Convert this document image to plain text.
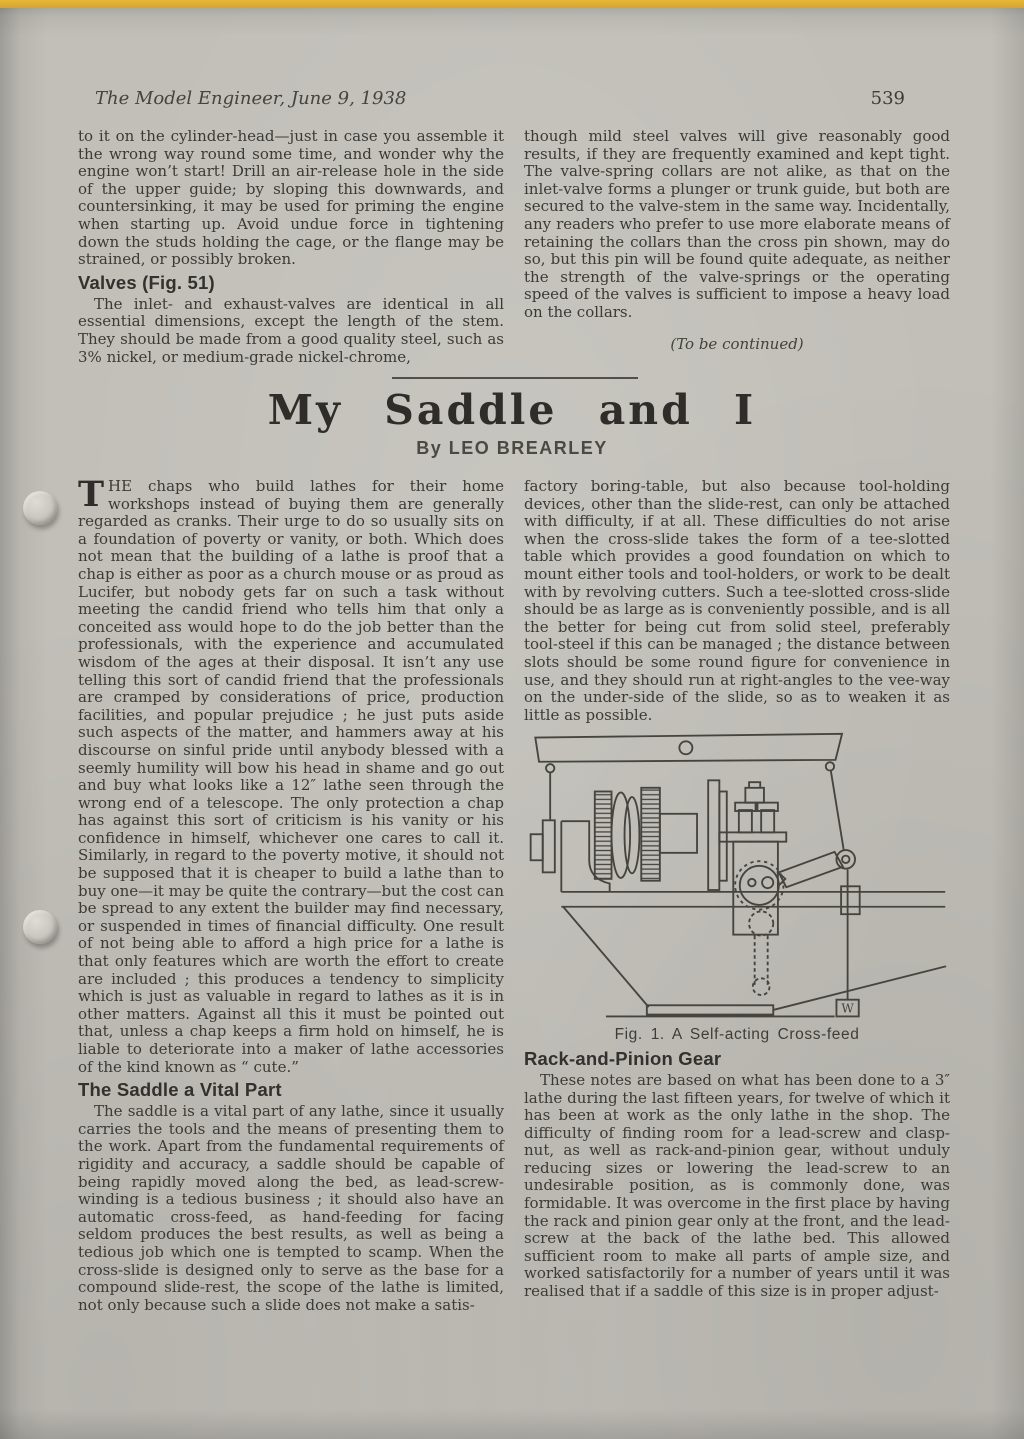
The Model Engineer, June 9, 1938	539

to it on the cylinder-head—just in case you assemble it the wrong way round some time, and wonder why the engine won’t start! Drill an air-release hole in the side of the upper guide; by sloping this downwards, and countersinking, it may be used for priming the engine when starting up. Avoid undue force in tightening down the studs holding the cage, or the flange may be strained, or possibly broken.

Valves (Fig. 51)

The inlet- and exhaust-valves are identical in all essential dimensions, except the length of the stem. They should be made from a good quality steel, such as 3% nickel, or medium-grade nickel-chrome,

though mild steel valves will give reasonably good results, if they are frequently examined and kept tight. The valve-spring collars are not alike, as that on the inlet-valve forms a plunger or trunk guide, but both are secured to the valve-stem in the same way. Incidentally, any readers who prefer to use more elaborate means of retaining the collars than the cross pin shown, may do so, but this pin will be found quite adequate, as neither the strength of the valve-springs or the operating speed of the valves is sufficient to impose a heavy load on the collars.

(To be continued)

My Saddle and I
By LEO BREARLEY

THE chaps who build lathes for their home workshops instead of buying them are generally regarded as cranks. Their urge to do so usually sits on a foundation of poverty or vanity, or both. Which does not mean that the building of a lathe is proof that a chap is either as poor as a church mouse or as proud as Lucifer, but nobody gets far on such a task without meeting the candid friend who tells him that only a conceited ass would hope to do the job better than the professionals, with the experience and accumulated wisdom of the ages at their disposal. It isn’t any use telling this sort of candid friend that the professionals are cramped by considerations of price, production facilities, and popular prejudice ; he just puts aside such aspects of the matter, and hammers away at his discourse on sinful pride until anybody blessed with a seemly humility will bow his head in shame and go out and buy what looks like a 12″ lathe seen through the wrong end of a telescope. The only protection a chap has against this sort of criticism is his vanity or his confidence in himself, whichever one cares to call it. Similarly, in regard to the poverty motive, it should not be supposed that it is cheaper to build a lathe than to buy one—it may be quite the contrary—but the cost can be spread to any extent the builder may find necessary, or suspended in times of financial difficulty. One result of not being able to afford a high price for a lathe is that only features which are worth the effort to create are included ; this produces a tendency to simplicity which is just as valuable in regard to lathes as it is in other matters. Against all this it must be pointed out that, unless a chap keeps a firm hold on himself, he is liable to deteriorate into a maker of lathe accessories of the kind known as “ cute.”

The Saddle a Vital Part

The saddle is a vital part of any lathe, since it usually carries the tools and the means of presenting them to the work. Apart from the fundamental requirements of rigidity and accuracy, a saddle should be capable of being rapidly moved along the bed, as lead-screw-winding is a tedious business ; it should also have an automatic cross-feed, as hand-feeding for facing seldom produces the best results, as well as being a tedious job which one is tempted to scamp. When the cross-slide is designed only to serve as the base for a compound slide-rest, the scope of the lathe is limited, not only because such a slide does not make a satis-

factory boring-table, but also because tool-holding devices, other than the slide-rest, can only be attached with difficulty, if at all. These difficulties do not arise when the cross-slide takes the form of a tee-slotted table which provides a good foundation on which to mount either tools and tool-holders, or work to be dealt with by revolving cutters. Such a tee-slotted cross-slide should be as large as is conveniently possible, and is all the better for being cut from solid steel, preferably tool-steel if this can be managed ; the distance between slots should be some round figure for convenience in use, and they should run at right-angles to the vee-way on the under-side of the slide, so as to weaken it as little as possible.

W
Fig. 1. A Self-acting Cross-feed
Rack-and-Pinion Gear

These notes are based on what has been done to a 3″ lathe during the last fifteen years, for twelve of which it has been at work as the only lathe in the shop. The difficulty of finding room for a lead-screw and clasp-nut, as well as rack-and-pinion gear, without unduly reducing sizes or lowering the lead-screw to an undesirable position, as is commonly done, was formidable. It was overcome in the first place by having the rack and pinion gear only at the front, and the lead-screw at the back of the lathe bed. This allowed sufficient room to make all parts of ample size, and worked satisfactorily for a number of years until it was realised that if a saddle of this size is in proper adjust-
